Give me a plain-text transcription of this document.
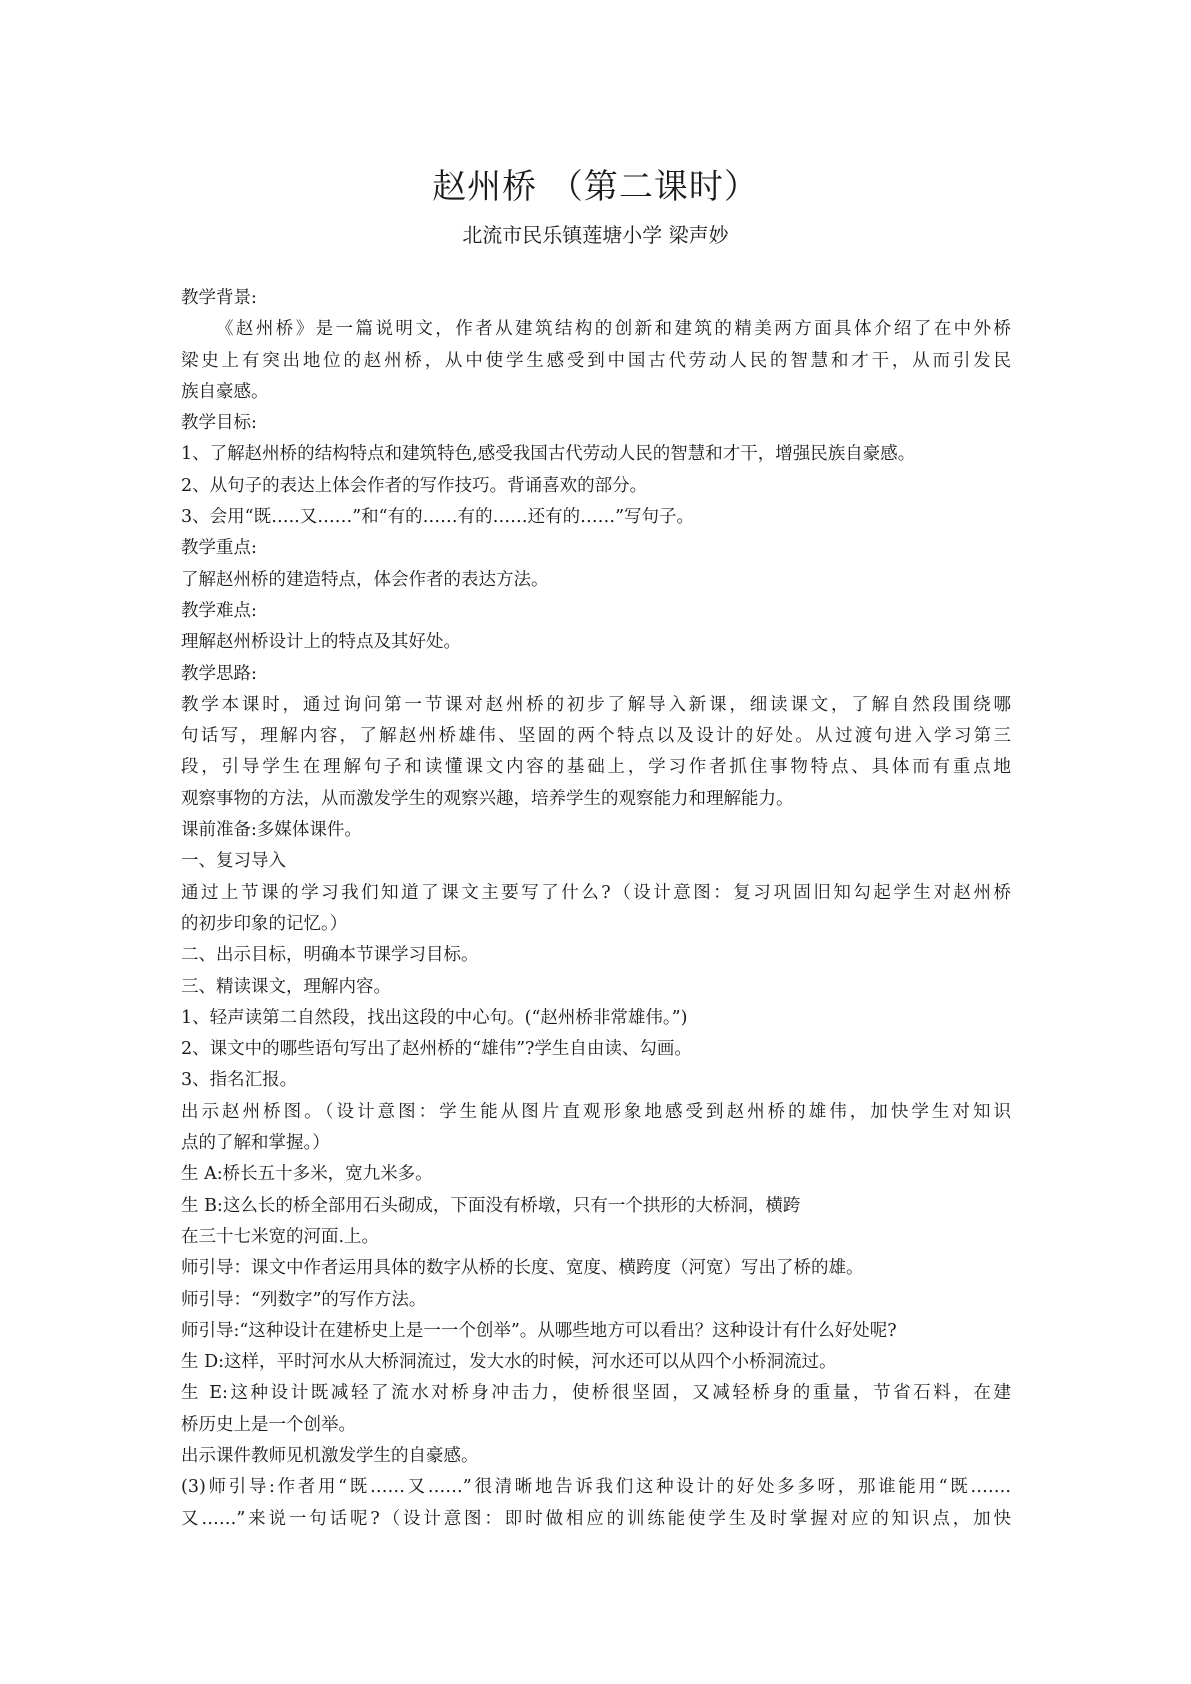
赵州桥 （第二课时）
北流市民乐镇莲塘小学 梁声妙
教学背景:
《赵州桥》是一篇说明文，作者从建筑结构的创新和建筑的精美两方面具体介绍了在中外桥
梁史上有突出地位的赵州桥，从中使学生感受到中国古代劳动人民的智慧和才干，从而引发民
族自豪感。
教学目标:
1、了解赵州桥的结构特点和建筑特色,感受我国古代劳动人民的智慧和才干，增强民族自豪感。
2、从句子的表达上体会作者的写作技巧。背诵喜欢的部分。
3、会用“既…..又……”和“有的……有的……还有的……”写句子。
教学重点:
了解赵州桥的建造特点，体会作者的表达方法。
教学难点:
理解赵州桥设计上的特点及其好处。
教学思路:
教学本课时，通过询问第一节课对赵州桥的初步了解导入新课，细读课文，了解自然段围绕哪
句话写，理解内容，了解赵州桥雄伟、坚固的两个特点以及设计的好处。从过渡句进入学习第三
段，引导学生在理解句子和读懂课文内容的基础上，学习作者抓住事物特点、具体而有重点地
观察事物的方法，从而激发学生的观察兴趣，培养学生的观察能力和理解能力。
课前准备:多媒体课件。
一、复习导入
通过上节课的学习我们知道了课文主要写了什么?（设计意图：复习巩固旧知勾起学生对赵州桥
的初步印象的记忆。）
二、出示目标，明确本节课学习目标。
三、精读课文，理解内容。
1、轻声读第二自然段，找出这段的中心句。(“赵州桥非常雄伟。”)
2、课文中的哪些语句写出了赵州桥的“雄伟”?学生自由读、勾画。
3、指名汇报。
出示赵州桥图。（设计意图：学生能从图片直观形象地感受到赵州桥的雄伟，加快学生对知识
点的了解和掌握。）
生 A:桥长五十多米，宽九米多。
生 B:这么长的桥全部用石头砌成，下面没有桥墩，只有一个拱形的大桥洞，横跨
在三十七米宽的河面.上。
师引导：课文中作者运用具体的数字从桥的长度、宽度、横跨度（河宽）写出了桥的雄。
师引导：“列数字”的写作方法。
师引导:“这种设计在建桥史上是一一个创举”。从哪些地方可以看出？这种设计有什么好处呢?
生 D:这样，平时河水从大桥洞流过，发大水的时候，河水还可以从四个小桥洞流过。
生 E:这种设计既减轻了流水对桥身冲击力，使桥很坚固，又减轻桥身的重量，节省石料，在建
桥历史上是一个创举。
出示课件教师见机激发学生的自豪感。
(3)师引导:作者用“既……又……”很清晰地告诉我们这种设计的好处多多呀，那谁能用“既…….
又……”来说一句话呢?（设计意图：即时做相应的训练能使学生及时掌握对应的知识点，加快
